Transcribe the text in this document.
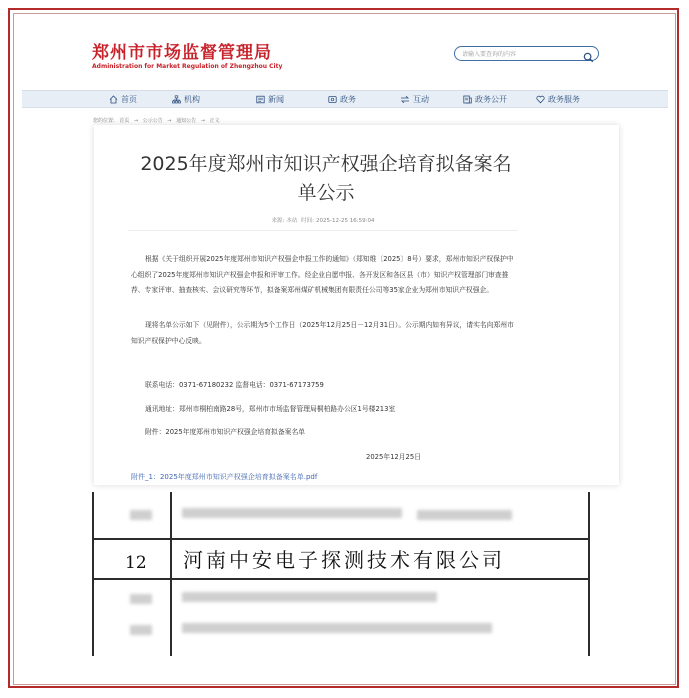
郑州市市场监督管理局
Administration for Market Regulation of Zhengzhou City
请输入要查询的内容
首页	机构	新闻	政务	互动	政务公开	政务服务
您的位置: 首页 → 公示公告 → 通知公告 → 正文
2025年度郑州市知识产权强企培育拟备案名单公示
来源: 本站 时间: 2025-12-25 16:59:04
根据《关于组织开展2025年度郑州市知识产权强企申报工作的通知》（郑知维〔2025〕8号）要求，郑州市知识产权保护中心组织了2025年度郑州市知识产权强企申报和评审工作。经企业自愿申报、各开发区和各区县（市）知识产权管理部门审查推荐、专家评审、抽查核实、会议研究等环节，拟备案郑州煤矿机械集团有限责任公司等35家企业为郑州市知识产权强企。
现将名单公示如下（见附件），公示期为5个工作日（2025年12月25日－12月31日）。公示期内如有异议，请实名向郑州市知识产权保护中心反映。
联系电话：0371-67180232 监督电话：0371-67173759
通讯地址：郑州市桐柏南路28号，郑州市市场监督管理局桐柏路办公区1号楼213室
附件：2025年度郑州市知识产权强企培育拟备案名单
2025年12月25日
附件_1：2025年度郑州市知识产权强企培育拟备案名单.pdf
12 河南中安电子探测技术有限公司
